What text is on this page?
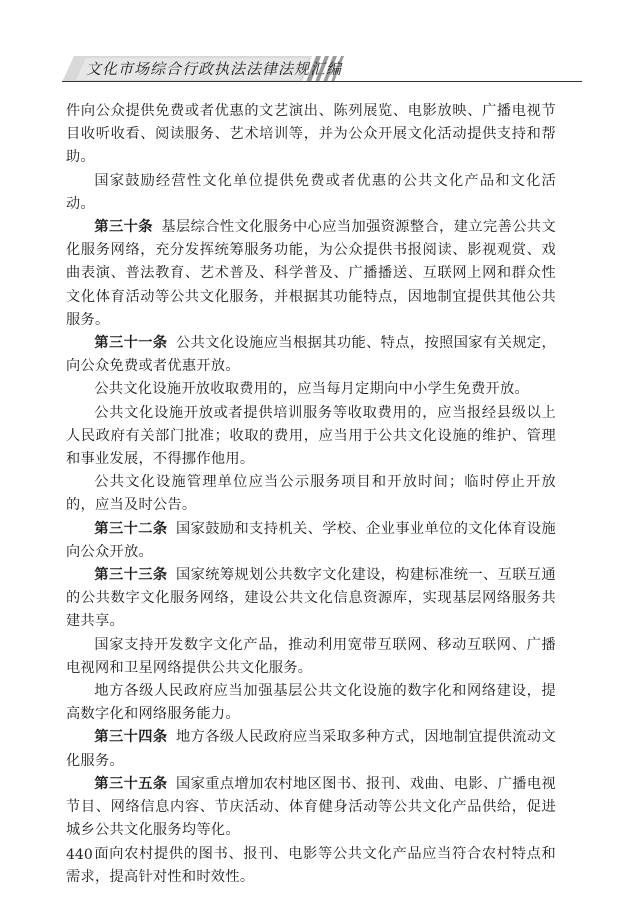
文化市场综合行政执法法律法规汇编

件向公众提供免费或者优惠的文艺演出、陈列展览、电影放映、广播电视节目收听收看、阅读服务、艺术培训等，并为公众开展文化活动提供支持和帮助。

国家鼓励经营性文化单位提供免费或者优惠的公共文化产品和文化活动。

第三十条 基层综合性文化服务中心应当加强资源整合，建立完善公共文化服务网络，充分发挥统筹服务功能，为公众提供书报阅读、影视观赏、戏曲表演、普法教育、艺术普及、科学普及、广播播送、互联网上网和群众性文化体育活动等公共文化服务，并根据其功能特点，因地制宜提供其他公共服务。

第三十一条 公共文化设施应当根据其功能、特点，按照国家有关规定，向公众免费或者优惠开放。

公共文化设施开放收取费用的，应当每月定期向中小学生免费开放。

公共文化设施开放或者提供培训服务等收取费用的，应当报经县级以上人民政府有关部门批准；收取的费用，应当用于公共文化设施的维护、管理和事业发展，不得挪作他用。

公共文化设施管理单位应当公示服务项目和开放时间；临时停止开放的，应当及时公告。

第三十二条 国家鼓励和支持机关、学校、企业事业单位的文化体育设施向公众开放。

第三十三条 国家统筹规划公共数字文化建设，构建标准统一、互联互通的公共数字文化服务网络，建设公共文化信息资源库，实现基层网络服务共建共享。

国家支持开发数字文化产品，推动利用宽带互联网、移动互联网、广播电视网和卫星网络提供公共文化服务。

地方各级人民政府应当加强基层公共文化设施的数字化和网络建设，提高数字化和网络服务能力。

第三十四条 地方各级人民政府应当采取多种方式，因地制宜提供流动文化服务。

第三十五条 国家重点增加农村地区图书、报刊、戏曲、电影、广播电视节目、网络信息内容、节庆活动、体育健身活动等公共文化产品供给，促进城乡公共文化服务均等化。

面向农村提供的图书、报刊、电影等公共文化产品应当符合农村特点和需求，提高针对性和时效性。

440
